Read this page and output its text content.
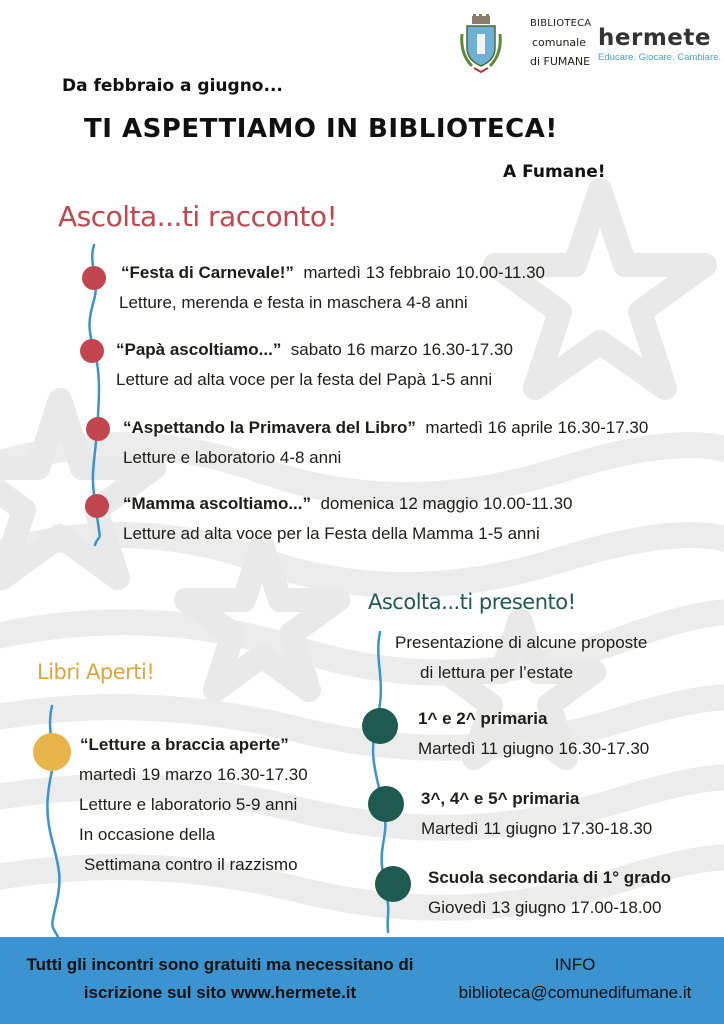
BIBLIOTECA
comunale
di FUMANE
hermete
Educare. Giocare. Cambiare.
Da febbraio a giugno...
TI ASPETTIAMO IN BIBLIOTECA!
A Fumane!
Ascolta...ti racconto!
“Festa di Carnevale!” martedì 13 febbraio 10.00-11.30
Letture, merenda e festa in maschera 4-8 anni
“Papà ascoltiamo...” sabato 16 marzo 16.30-17.30
Letture ad alta voce per la festa del Papà 1-5 anni
“Aspettando la Primavera del Libro” martedì 16 aprile 16.30-17.30
Letture e laboratorio 4-8 anni
“Mamma ascoltiamo...” domenica 12 maggio 10.00-11.30
Letture ad alta voce per la Festa della Mamma 1-5 anni
Ascolta...ti presento!
Presentazione di alcune proposte
di lettura per l’estate
1^ e 2^ primaria
Martedì 11 giugno 16.30-17.30
3^, 4^ e 5^ primaria
Martedì 11 giugno 17.30-18.30
Scuola secondaria di 1° grado
Giovedì 13 giugno 17.00-18.00
Libri Aperti!
“Letture a braccia aperte”
martedì 19 marzo 16.30-17.30
Letture e laboratorio 5-9 anni
In occasione della
Settimana contro il razzismo
Tutti gli incontri sono gratuiti ma necessitano di
iscrizione sul sito www.hermete.it
INFO
biblioteca@comunedifumane.it
